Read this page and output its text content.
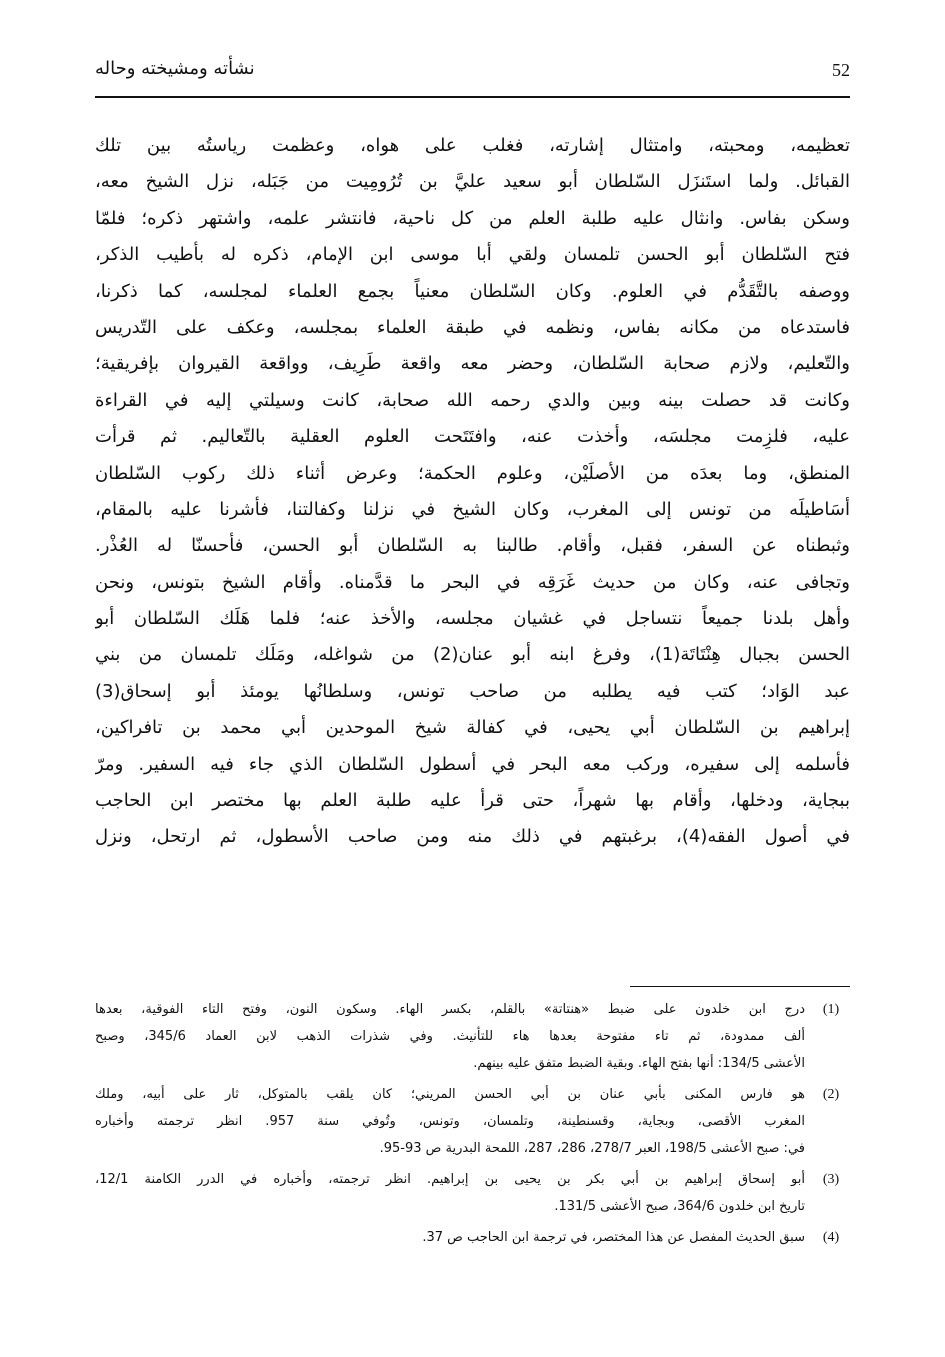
52
نشأته ومشيخته وحاله
تعظيمه، ومحبته، وامتثال إشارته، فغلب على هواه، وعظمت رياستُه بين تلك
القبائل. ولما استَنزَل السّلطان أبو سعيد عليَّ بن تُرُومِيت من جَبَله، نزل الشيخ معه،
وسكن بفاس. وانثال عليه طلبة العلم من كل ناحية، فانتشر علمه، واشتهر ذكره؛ فلمّا
فتح السّلطان أبو الحسن تلمسان ولقي أبا موسى ابن الإمام، ذكره له بأطيب الذكر،
ووصفه بالتَّقَدُّم في العلوم. وكان السّلطان معنياً بجمع العلماء لمجلسه، كما ذكرنا،
فاستدعاه من مكانه بفاس، ونظمه في طبقة العلماء بمجلسه، وعكف على التّدريس
والتّعليم، ولازم صحابة السّلطان، وحضر معه واقعة طَرِيف، وواقعة القيروان بإفريقية؛
وكانت قد حصلت بينه وبين والدي رحمه الله صحابة، كانت وسيلتي إليه في القراءة
عليه، فلزِمت مجلسَه، وأخذت عنه، وافتَتَحت العلوم العقلية بالتّعاليم. ثم قرأت
المنطق، وما بعدَه من الأصلَيْن، وعلوم الحكمة؛ وعرض أثناء ذلك ركوب السّلطان
أسَاطيلَه من تونس إلى المغرب، وكان الشيخ في نزلنا وكفالتنا، فأشرنا عليه بالمقام،
وثبطناه عن السفر، فقبل، وأقام. طالبنا به السّلطان أبو الحسن، فأحسنّا له العُذْر.
وتجافى عنه، وكان من حديث غَرَقِه في البحر ما قدَّمناه. وأقام الشيخ بتونس، ونحن
وأهل بلدنا جميعاً نتساجل في غشيان مجلسه، والأخذ عنه؛ فلما هَلَك السّلطان أبو
الحسن بجبال هِنْتَاتَة(1)، وفرغ ابنه أبو عنان(2) من شواغله، ومَلَك تلمسان من بني
عبد الوَاد؛ كتب فيه يطلبه من صاحب تونس، وسلطانُها يومئذ أبو إسحاق(3)
إبراهيم بن السّلطان أبي يحيى، في كفالة شيخ الموحدين أبي محمد بن تافراكين،
فأسلمه إلى سفيره، وركب معه البحر في أسطول السّلطان الذي جاء فيه السفير. ومرّ
ببجاية، ودخلها، وأقام بها شهراً، حتى قرأ عليه طلبة العلم بها مختصر ابن الحاجب
في أصول الفقه(4)، برغبتهم في ذلك منه ومن صاحب الأسطول، ثم ارتحل، ونزل
(1)
درج ابن خلدون على ضبط «هنتاتة» بالقلم، بكسر الهاء. وسكون النون، وفتح التاء الفوقية، بعدها
ألف ممدودة، ثم تاء مفتوحة بعدها هاء للتأنيث. وفي شذرات الذهب لابن العماد 345/6، وصبح
الأعشى 134/5: أنها بفتح الهاء. وبقية الضبط متفق عليه بينهم.
(2)
هو فارس المكنى بأبي عنان بن أبي الحسن المريني؛ كان يلقب بالمتوكل، ثار على أبيه، وملك
المغرب الأقصى، وبجاية، وقسنطينة، وتلمسان، وتونس، وتُوفي سنة 957. انظر ترجمته وأخباره
في: صبح الأعشى 198/5، العبر 278/7، 286، 287، اللمحة البدرية ص 93-95.
(3)
أبو إسحاق إبراهيم بن أبي بكر بن يحيى بن إبراهيم. انظر ترجمته، وأخباره في الدرر الكامنة 12/1،
تاريخ ابن خلدون 364/6، صبح الأعشى 131/5.
(4)
سبق الحديث المفصل عن هذا المختصر، في ترجمة ابن الحاجب ص 37.
